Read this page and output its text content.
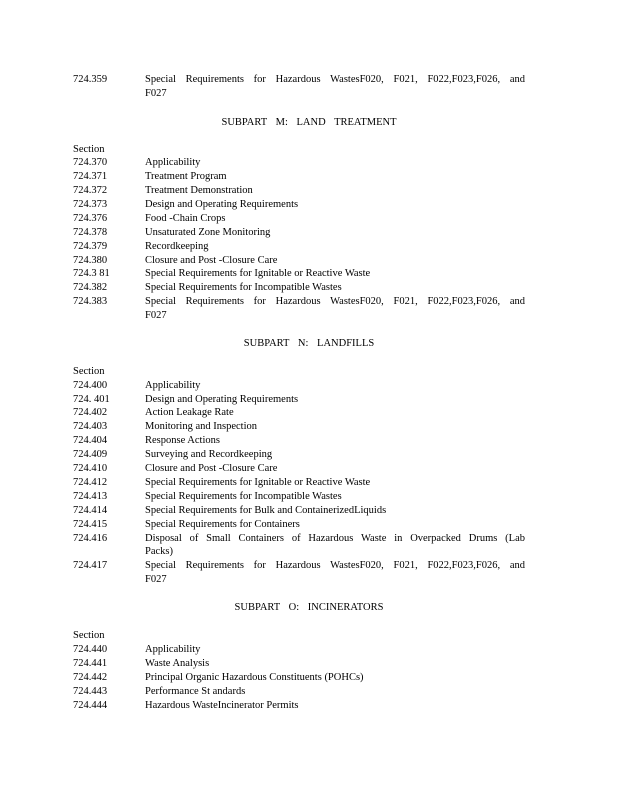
724.359	Special Requirements for Hazardous WastesF020, F021, F022,F023,F026, and
F027
SUBPART M: LAND TREATMENT
Section
724.370	Applicability
724.371	Treatment Program
724.372	Treatment Demonstration
724.373	Design and Operating Requirements
724.376	Food -Chain Crops
724.378	Unsaturated Zone Monitoring
724.379	Recordkeeping
724.380	Closure and Post -Closure Care
724.3 81	Special Requirements for Ignitable or Reactive Waste
724.382	Special Requirements for Incompatible Wastes
724.383	Special Requirements for Hazardous WastesF020, F021, F022,F023,F026, and
F027
SUBPART N: LANDFILLS
Section
724.400	Applicability
724. 401	Design and Operating Requirements
724.402	Action Leakage Rate
724.403	Monitoring and Inspection
724.404	Response Actions
724.409	Surveying and Recordkeeping
724.410	Closure and Post -Closure Care
724.412	Special Requirements for Ignitable or Reactive Waste
724.413	Special Requirements for Incompatible Wastes
724.414	Special Requirements for Bulk and ContainerizedLiquids
724.415	Special Requirements for Containers
724.416	Disposal of Small Containers of Hazardous Waste in Overpacked Drums (Lab
Packs)
724.417	Special Requirements for Hazardous WastesF020, F021, F022,F023,F026, and
F027
SUBPART O: INCINERATORS
Section
724.440	Applicability
724.441	Waste Analysis
724.442	Principal Organic Hazardous Constituents (POHCs)
724.443	Performance St andards
724.444	Hazardous WasteIncinerator Permits
